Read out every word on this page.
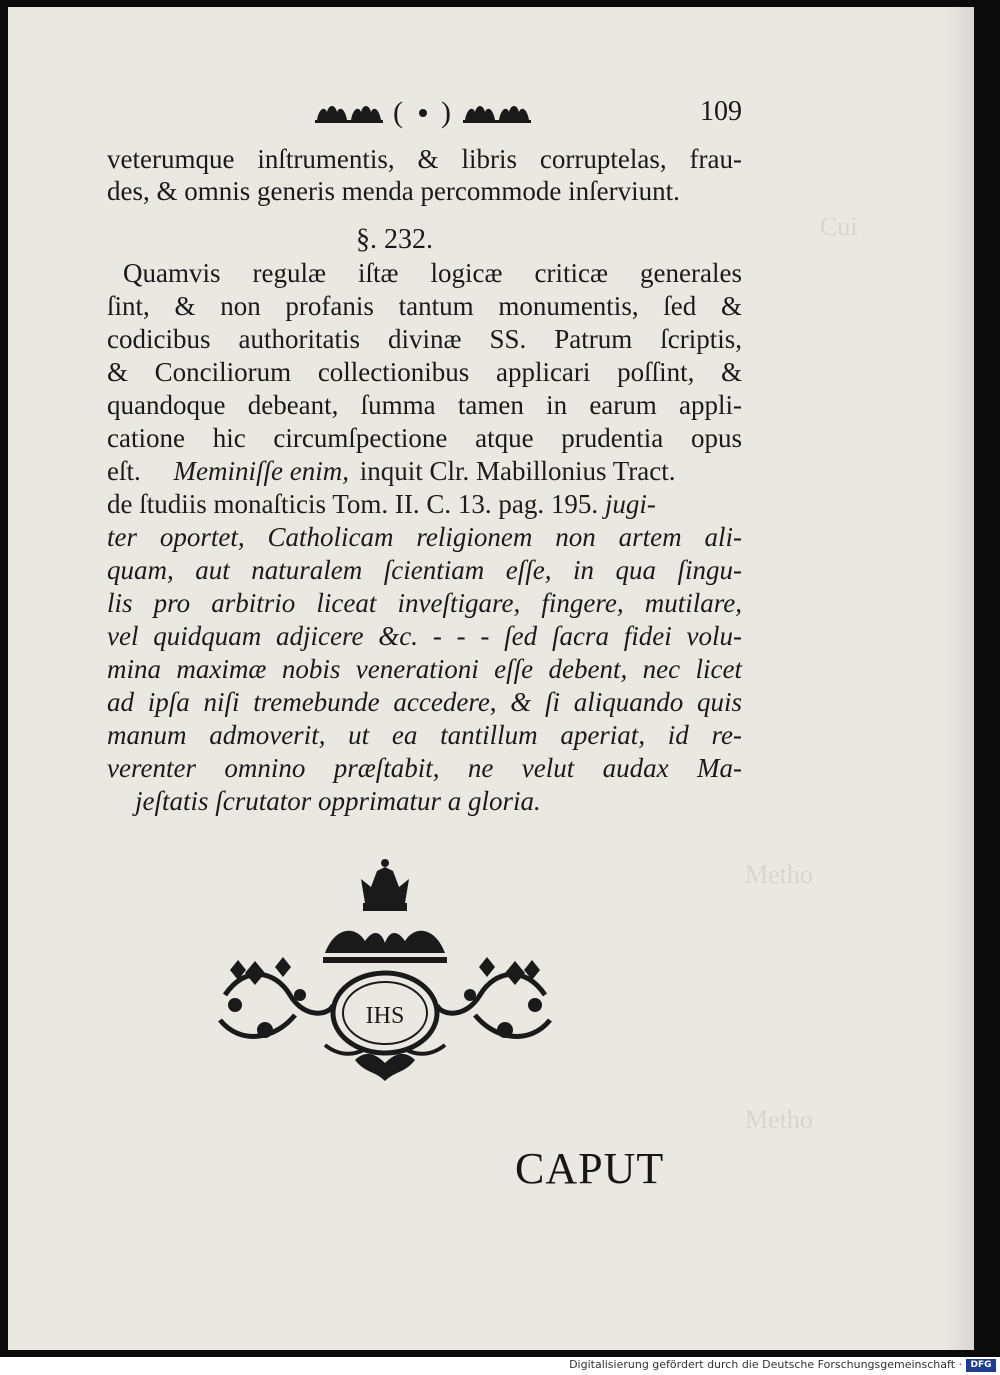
Cui
Metho
Metho
( )	109
veterumque inſtrumentis, & libris corruptelas, frau-
des, & omnis generis menda percommode inſerviunt.
§. 232.
Quamvis regulæ iſtæ logicæ criticæ generales
ſint, & non profanis tantum monumentis, ſed &
codicibus authoritatis divinæ SS. Patrum ſcriptis,
& Conciliorum collectionibus applicari poſſint, &
quandoque debeant, ſumma tamen in earum appli-
catione hic circumſpectione atque prudentia opus
eſt. Meminiſſe enim, inquit Clr. Mabillonius Tract.
de ſtudiis monaſticis Tom. II. C. 13. pag. 195. jugi-
ter oportet, Catholicam religionem non artem ali-
quam, aut naturalem ſcientiam eſſe, in qua ſingu-
lis pro arbitrio liceat inveſtigare, fingere, mutilare,
vel quidquam adjicere &c. - - - ſed ſacra fidei volu-
mina maximæ nobis venerationi eſſe debent, nec licet
ad ipſa niſi tremebunde accedere, & ſi aliquando quis
manum admoverit, ut ea tantillum aperiat, id re-
verenter omnino præſtabit, ne velut audax Ma-
jeſtatis ſcrutator opprimatur a gloria.
IHS
CAPUT
Digitalisierung gefördert durch die Deutsche Forschungsgemeinschaft · DFG
